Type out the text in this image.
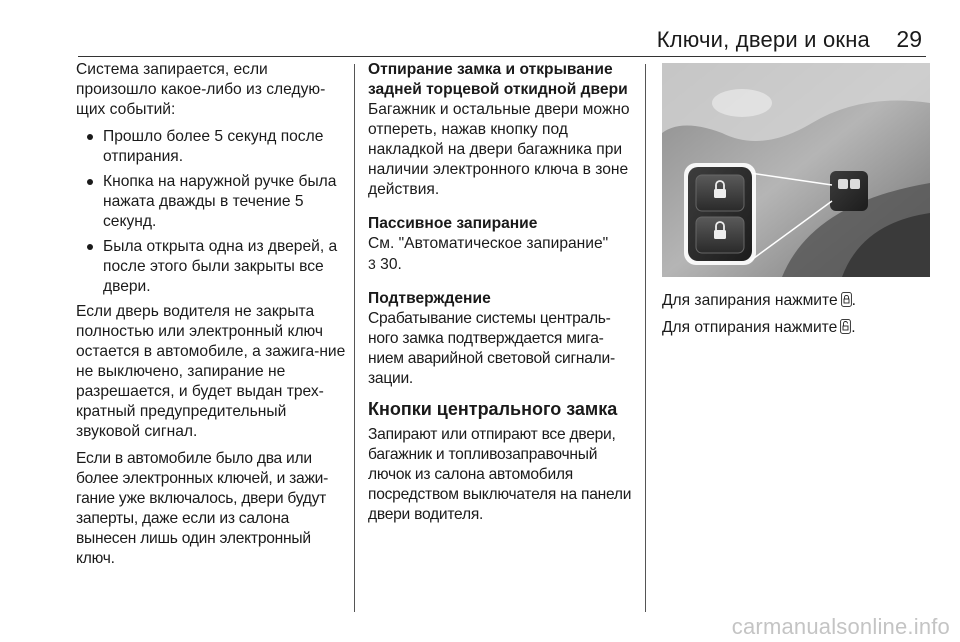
Ключи, двери и окна 29

Система запирается, если произошло какое-либо из следую-щих событий:

Прошло более 5 секунд после отпирания.
Кнопка на наружной ручке была нажата дважды в течение 5 секунд.
Была открыта одна из дверей, а после этого были закрыты все двери.

Если дверь водителя не закрыта полностью или электронный ключ остается в автомобиле, а зажига-ние не выключено, запирание не разрешается, и будет выдан трех-кратный предупредительный звуковой сигнал.

Если в автомобиле было два или более электронных ключей, и зажи-гание уже включалось, двери будут заперты, даже если из салона вынесен лишь один электронный ключ.

Отпирание замка и открывание задней торцевой откидной двери

Багажник и остальные двери можно отпереть, нажав кнопку под накладкой на двери багажника при наличии электронного ключа в зоне действия.

Пассивное запирание

См. "Автоматическое запирание"
3 30.

Подтверждение

Срабатывание системы централь-ного замка подтверждается мига-нием аварийной световой сигнали-зации.

Кнопки центрального замка

Запирают или отпирают все двери, багажник и топливозаправочный лючок из салона автомобиля посредством выключателя на панели двери водителя.

Для запирания нажмите .

Для отпирания нажмите .

carmanualsonline.info
